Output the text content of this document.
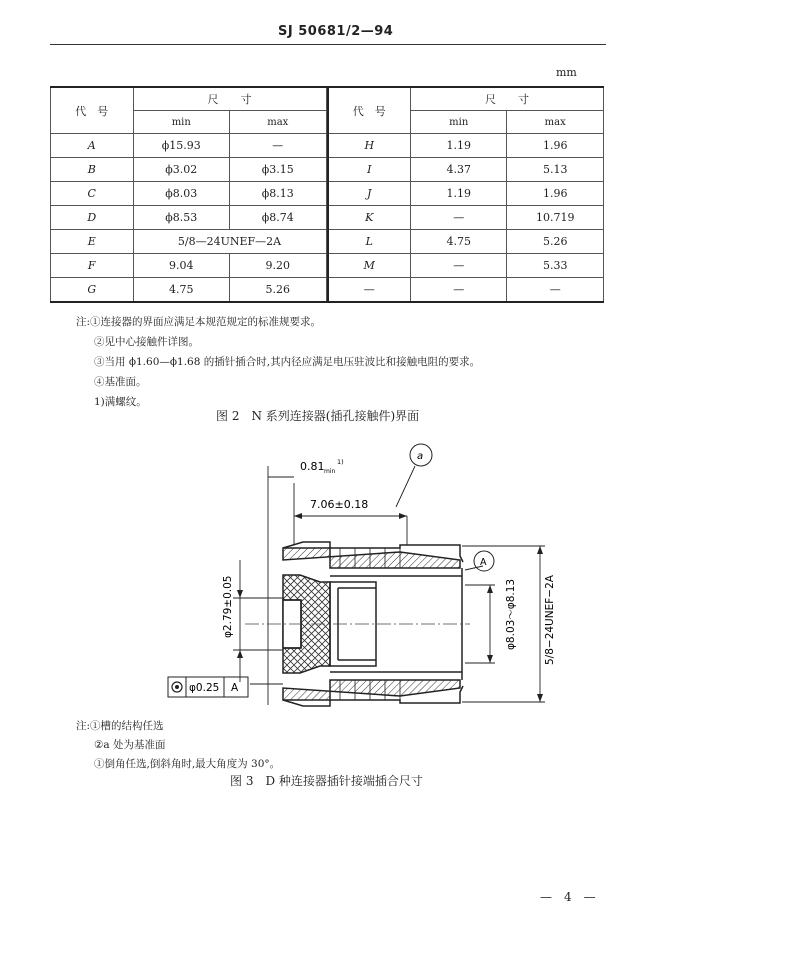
SJ 50681/2—94
mm
代　号	尺　　寸		代　号	尺　　寸	
	min	max		min	max
A	ϕ15.93	—		H	1.19	1.96
B	ϕ3.02	ϕ3.15		I	4.37	5.13
C	ϕ8.03	ϕ8.13		J	1.19	1.96
D	ϕ8.53	ϕ8.74		K	—	10.719
E	5/8—24UNEF—2A		L	4.75	5.26
F	9.04	9.20		M	—	5.33
G	4.75	5.26		—	—	—
注:①连接器的界面应满足本规范规定的标准规要求。
②见中心接触件详图。
③当用 ϕ1.60—ϕ1.68 的插针插合时,其内径应满足电压驻波比和接触电阻的要求。
④基准面。
1)满螺纹。
图 2　N 系列连接器(插孔接触件)界面
0.81 min
1)
7.06±0.18
a
A
φ2.79±0.05	φ8.03～φ8.13	5/8−24UNEF−2A
φ0.25 A
注:①槽的结构任选
②a 处为基准面
①倒角任选,倒斜角时,最大角度为 30°。
图 3　D 种连接器插针接端插合尺寸
—　4　—
